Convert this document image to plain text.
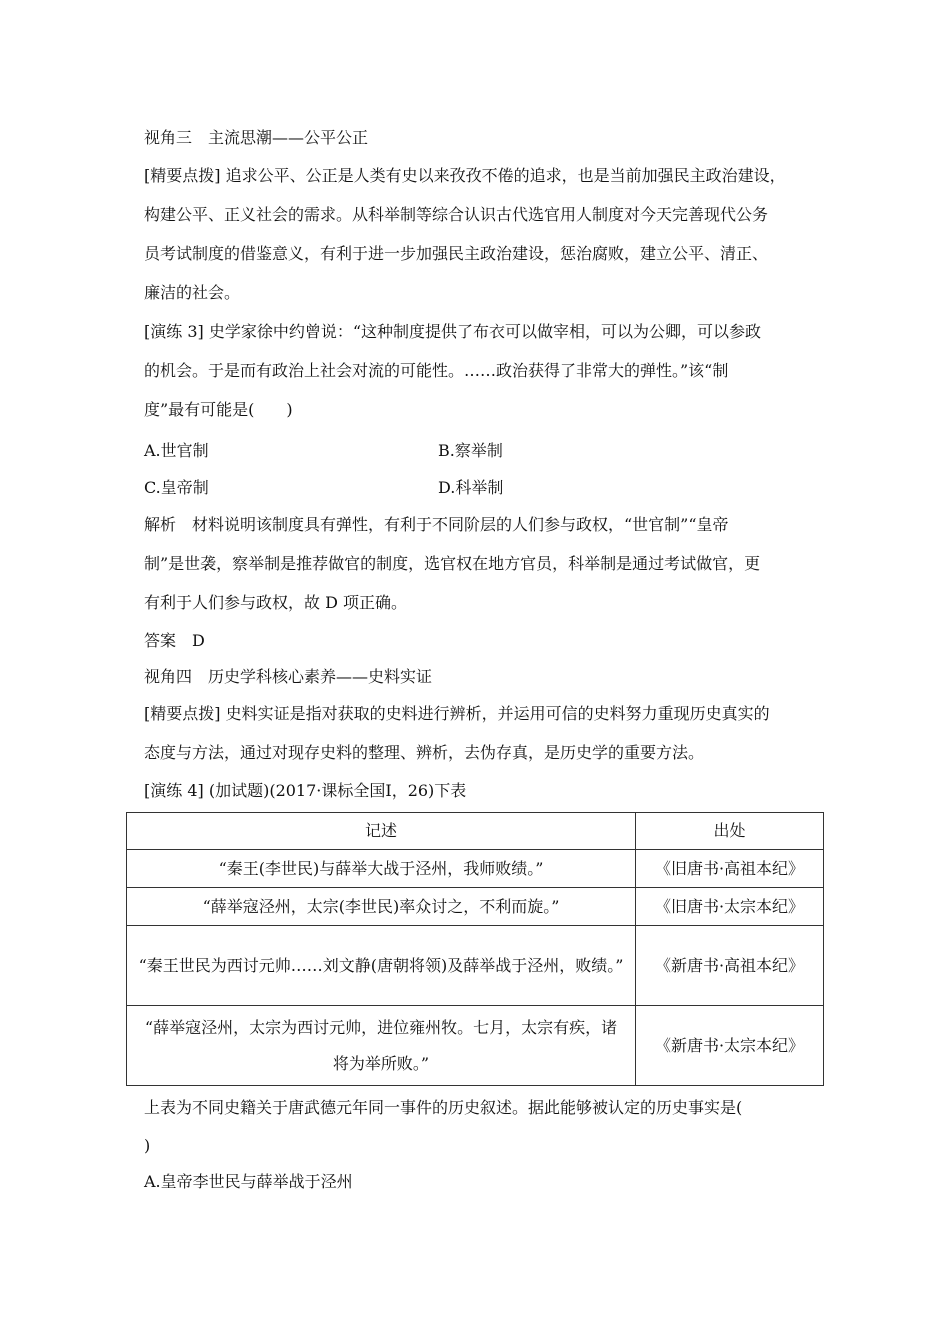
视角三　主流思潮——公平公正
[精要点拨] 追求公平、公正是人类有史以来孜孜不倦的追求，也是当前加强民主政治建设，
构建公平、正义社会的需求。从科举制等综合认识古代选官用人制度对今天完善现代公务
员考试制度的借鉴意义，有利于进一步加强民主政治建设，惩治腐败，建立公平、清正、
廉洁的社会。
[演练 3] 史学家徐中约曾说：“这种制度提供了布衣可以做宰相，可以为公卿，可以参政
的机会。于是而有政治上社会对流的可能性。……政治获得了非常大的弹性。”该“制
度”最有可能是(　　)
A.世官制	B.察举制
C.皇帝制	D.科举制
解析　材料说明该制度具有弹性，有利于不同阶层的人们参与政权，“世官制”“皇帝
制”是世袭，察举制是推荐做官的制度，选官权在地方官员，科举制是通过考试做官，更
有利于人们参与政权，故 D 项正确。
答案　D
视角四　历史学科核心素养——史料实证
[精要点拨] 史料实证是指对获取的史料进行辨析，并运用可信的史料努力重现历史真实的
态度与方法，通过对现存史料的整理、辨析，去伪存真，是历史学的重要方法。
[演练 4] (加试题)(2017·课标全国Ⅰ，26)下表
记述	出处
“秦王(李世民)与薛举大战于泾州，我师败绩。”	《旧唐书·高祖本纪》
“薛举寇泾州，太宗(李世民)率众讨之，不利而旋。”	《旧唐书·太宗本纪》
“秦王世民为西讨元帅……刘文静(唐朝将领)及薛举战于泾州，败绩。”	《新唐书·高祖本纪》
“薛举寇泾州，太宗为西讨元帅，进位雍州牧。七月，太宗有疾，诸将为举所败。”	《新唐书·太宗本纪》
上表为不同史籍关于唐武德元年同一事件的历史叙述。据此能够被认定的历史事实是(
)
A.皇帝李世民与薛举战于泾州
